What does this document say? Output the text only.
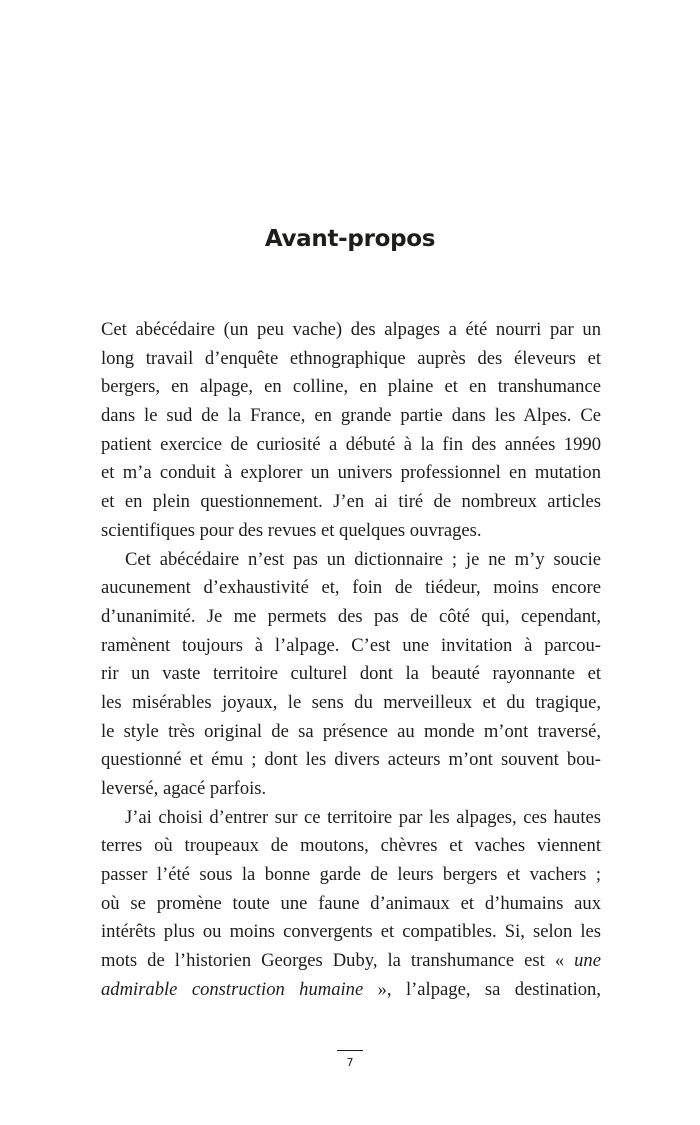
Avant-propos
Cet abécédaire (un peu vache) des alpages a été nourri par un
long travail d’enquête ethnographique auprès des éleveurs et
bergers, en alpage, en colline, en plaine et en transhumance
dans le sud de la France, en grande partie dans les Alpes. Ce
patient exercice de curiosité a débuté à la fin des années 1990
et m’a conduit à explorer un univers professionnel en mutation
et en plein questionnement. J’en ai tiré de nombreux articles
scientifiques pour des revues et quelques ouvrages.
Cet abécédaire n’est pas un dictionnaire ; je ne m’y soucie
aucunement d’exhaustivité et, foin de tiédeur, moins encore
d’unanimité. Je me permets des pas de côté qui, cependant,
ramènent toujours à l’alpage. C’est une invitation à parcou-
rir un vaste territoire culturel dont la beauté rayonnante et
les misérables joyaux, le sens du merveilleux et du tragique,
le style très original de sa présence au monde m’ont traversé,
questionné et ému ; dont les divers acteurs m’ont souvent bou-
leversé, agacé parfois.
J’ai choisi d’entrer sur ce territoire par les alpages, ces hautes
terres où troupeaux de moutons, chèvres et vaches viennent
passer l’été sous la bonne garde de leurs bergers et vachers ;
où se promène toute une faune d’animaux et d’humains aux
intérêts plus ou moins convergents et compatibles. Si, selon les
mots de l’historien Georges Duby, la transhumance est « une
admirable construction humaine », l’alpage, sa destination,
7
